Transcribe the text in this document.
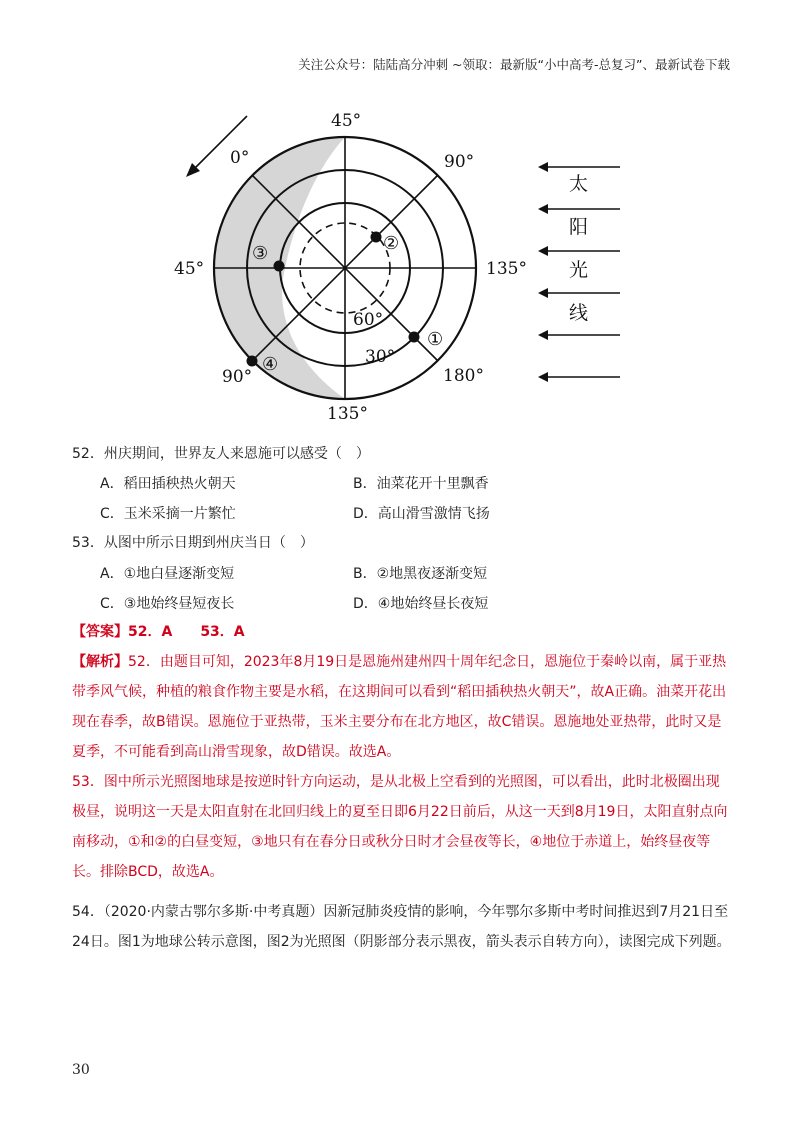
关注公众号：陆陆高分冲刺 ~领取：最新版“小中高考-总复习”、最新试卷下载
45°
0°	90°
45°	135°
90°	180°
135°
60°
30°
①
②
③
④
太
阳
光
线
52．州庆期间，世界友人来恩施可以感受（　）
A．稻田插秧热火朝天	B．油菜花开十里飘香
C．玉米采摘一片繁忙	D．高山滑雪激情飞扬
53．从图中所示日期到州庆当日（　）
A．①地白昼逐渐变短	B．②地黑夜逐渐变短
C．③地始终昼短夜长	D．④地始终昼长夜短
【答案】52．A　　53．A
【解析】52．由题目可知，2023年8月19日是恩施州建州四十周年纪念日，恩施位于秦岭以南，属于亚热带季风气候，种植的粮食作物主要是水稻，在这期间可以看到“稻田插秧热火朝天”，故A正确。油菜开花出现在春季，故B错误。恩施位于亚热带，玉米主要分布在北方地区，故C错误。恩施地处亚热带，此时又是夏季，不可能看到高山滑雪现象，故D错误。故选A。
53．图中所示光照图地球是按逆时针方向运动，是从北极上空看到的光照图，可以看出，此时北极圈出现极昼，说明这一天是太阳直射在北回归线上的夏至日即6月22日前后，从这一天到8月19日，太阳直射点向南移动，①和②的白昼变短，③地只有在春分日或秋分日时才会昼夜等长，④地位于赤道上，始终昼夜等长。排除BCD，故选A。
54．（2020·内蒙古鄂尔多斯·中考真题）因新冠肺炎疫情的影响，今年鄂尔多斯中考时间推迟到7月21日至24日。图1为地球公转示意图，图2为光照图（阴影部分表示黑夜，箭头表示自转方向），读图完成下列题。
30
